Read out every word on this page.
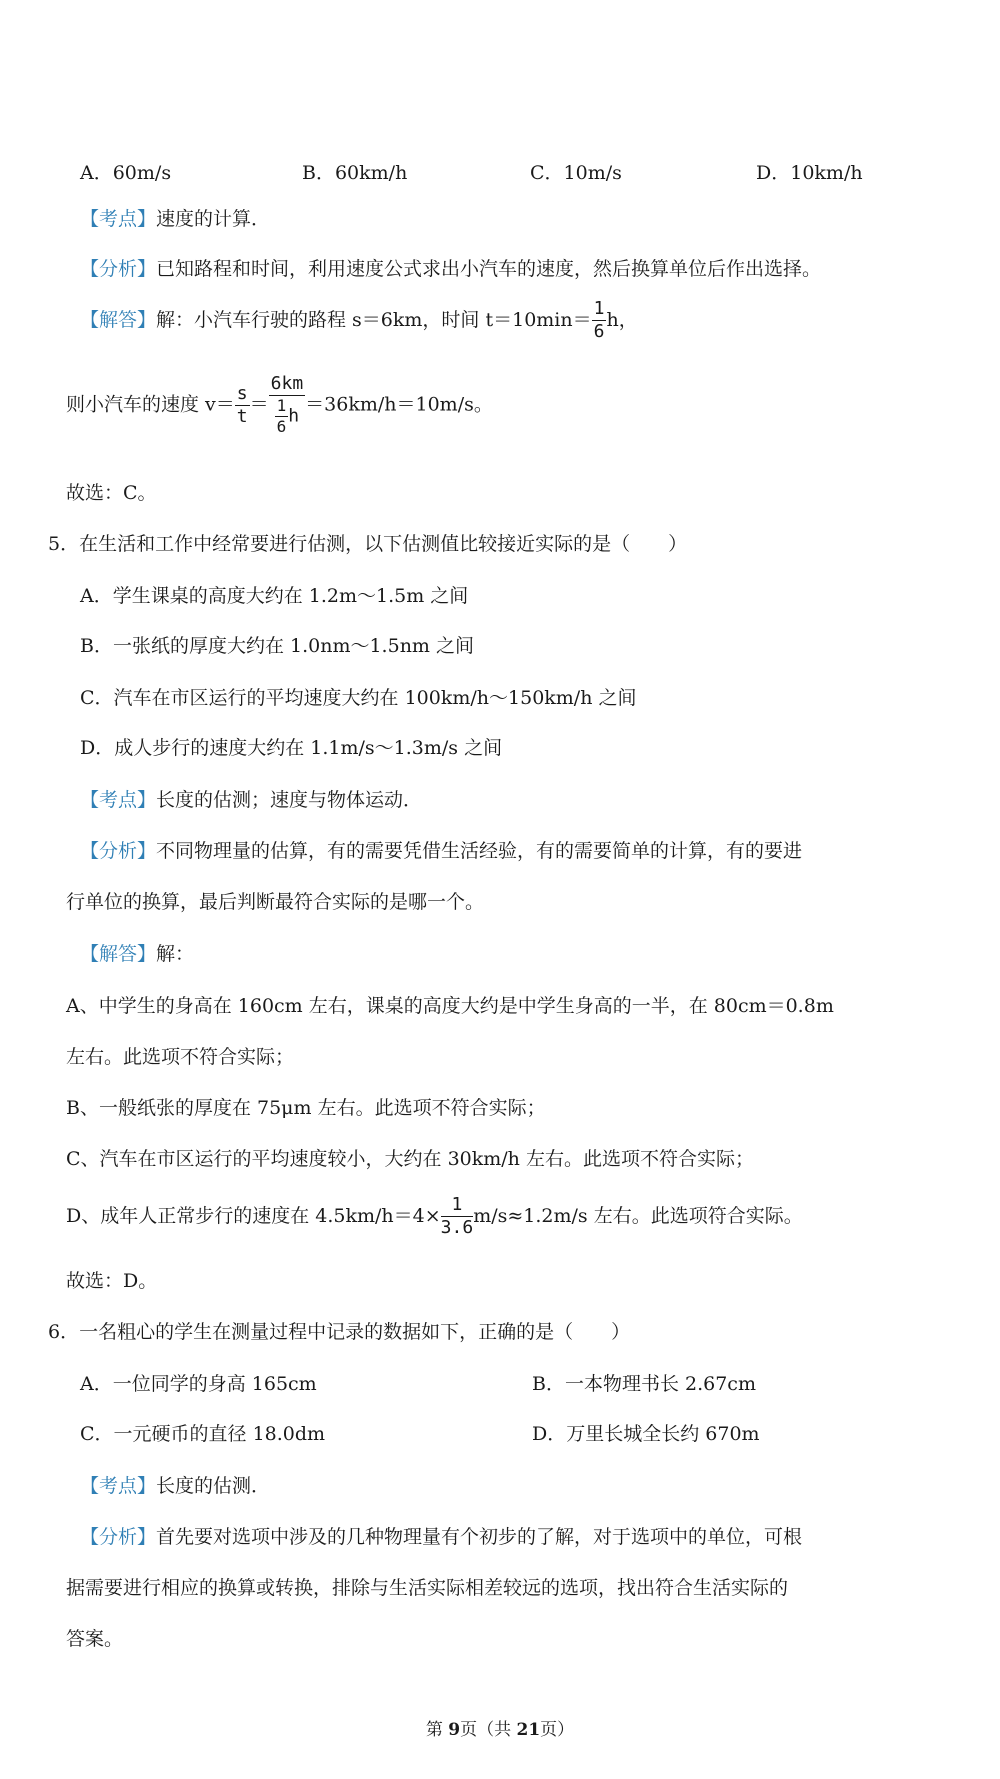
A．60m/s	B．60km/h	C．10m/s	D．10km/h
【考点】速度的计算．
【分析】已知路程和时间，利用速度公式求出小汽车的速度，然后换算单位后作出选择。
【解答】解：小汽车行驶的路程 s＝6km，时间 $t=10\min= \frac{1}{6}$ h，
则小汽车的速度 $v= \frac{s}{t} = \frac{6km}{\frac{1}{6} h} =36km/h=10m/s$。
故选：C。
5．在生活和工作中经常要进行估测，以下估测值比较接近实际的是（　　）
A．学生课桌的高度大约在 1.2m～1.5m 之间
B．一张纸的厚度大约在 1.0nm～1.5nm 之间
C．汽车在市区运行的平均速度大约在 100km/h～150km/h 之间
D．成人步行的速度大约在 1.1m/s～1.3m/s 之间
【考点】长度的估测；速度与物体运动．
【分析】不同物理量的估算，有的需要凭借生活经验，有的需要简单的计算，有的要进
行单位的换算，最后判断最符合实际的是哪一个。
【解答】解：
A、中学生的身高在 160cm 左右，课桌的高度大约是中学生身高的一半，在 80cm＝0.8m
左右。此选项不符合实际；
B、一般纸张的厚度在 75μm 左右。此选项不符合实际；
C、汽车在市区运行的平均速度较小，大约在 30km/h 左右。此选项不符合实际；
D、成年人正常步行的速度在 $4.5km/h=4\times \frac{1}{3.6} m/s\approx 1.2m/s$ 左右。此选项符合实际。
故选：D。
6．一名粗心的学生在测量过程中记录的数据如下，正确的是（　　）
A．一位同学的身高 165cm	B．一本物理书长 2.67cm
C．一元硬币的直径 18.0dm	D．万里长城全长约 670m
【考点】长度的估测．
【分析】首先要对选项中涉及的几种物理量有个初步的了解，对于选项中的单位，可根
据需要进行相应的换算或转换，排除与生活实际相差较远的选项，找出符合生活实际的
答案。
第 9页（共 21页）
